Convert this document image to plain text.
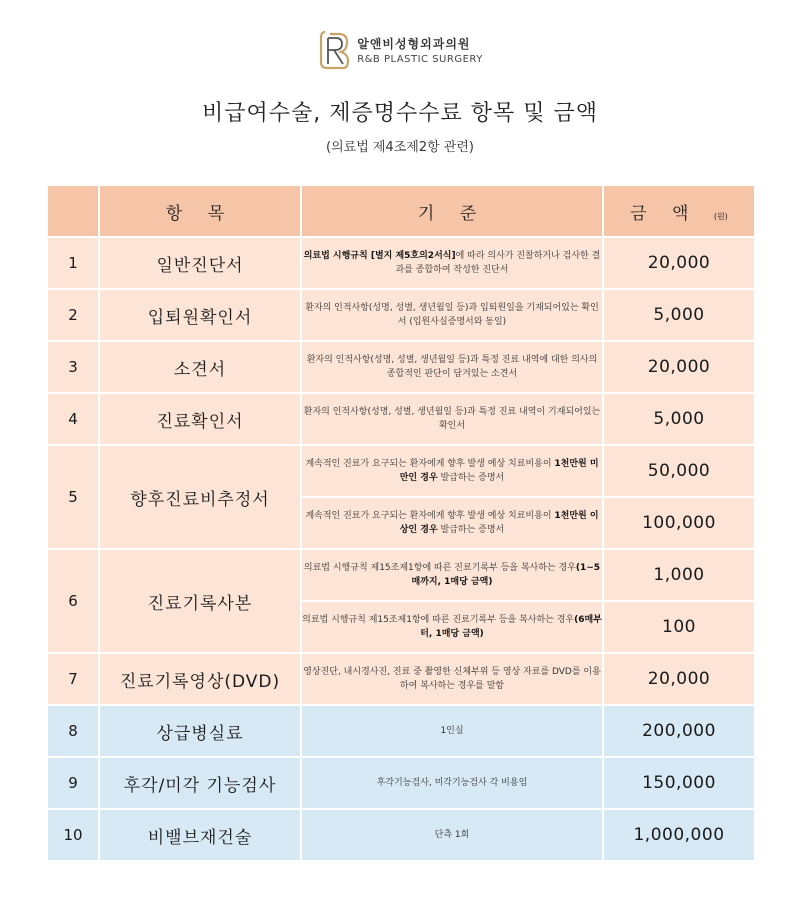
알앤비성형외과의원
R&B PLASTIC SURGERY
비급여수술, 제증명수수료 항목 및 금액
(의료법 제4조제2항 관련)
	항 목	기 준	금 액 (원)
1	일반진단서	의료법 시행규칙 [별지 제5호의2서식]에 따라 의사가 진찰하거나 검사한 결과를 종합하여 작성한 진단서	20,000
2	입퇴원확인서	환자의 인적사항(성명, 성별, 생년월일 등)과 입퇴원일을 기재되어있는 확인서 (입원사실증명서와 동일)	5,000
3	소견서	환자의 인적사항(성명, 성별, 생년월일 등)과 특정 진료 내역에 대한 의사의 종합적인 판단이 담겨있는 소견서	20,000
4	진료확인서	환자의 인적사항(성명, 성별, 생년월일 등)과 특정 진료 내역이 기재되어있는 확인서	5,000
5	향후진료비추정서	계속적인 진료가 요구되는 환자에게 향후 발생 예상 치료비용이 1천만원 미만인 경우 발급하는 증명서	50,000
		계속적인 진료가 요구되는 환자에게 향후 발생 예상 치료비용이 1천만원 이상인 경우 발급하는 증명서	100,000
6	진료기록사본	의료법 시행규칙 제15조제1항에 따른 진료기록부 등을 복사하는 경우(1~5매까지, 1매당 금액)	1,000
		의료법 시행규칙 제15조제1항에 따른 진료기록부 등을 복사하는 경우(6매부터, 1매당 금액)	100
7	진료기록영상(DVD)	영상진단, 내시경사진, 진료 중 촬영한 신체부위 등 영상 자료를 DVD를 이용하여 복사하는 경우를 말함	20,000
8	상급병실료	1인실	200,000
9	후각/미각 기능검사	후각기능검사, 미각기능검사 각 비용임	150,000
10	비밸브재건술	단측 1회	1,000,000
